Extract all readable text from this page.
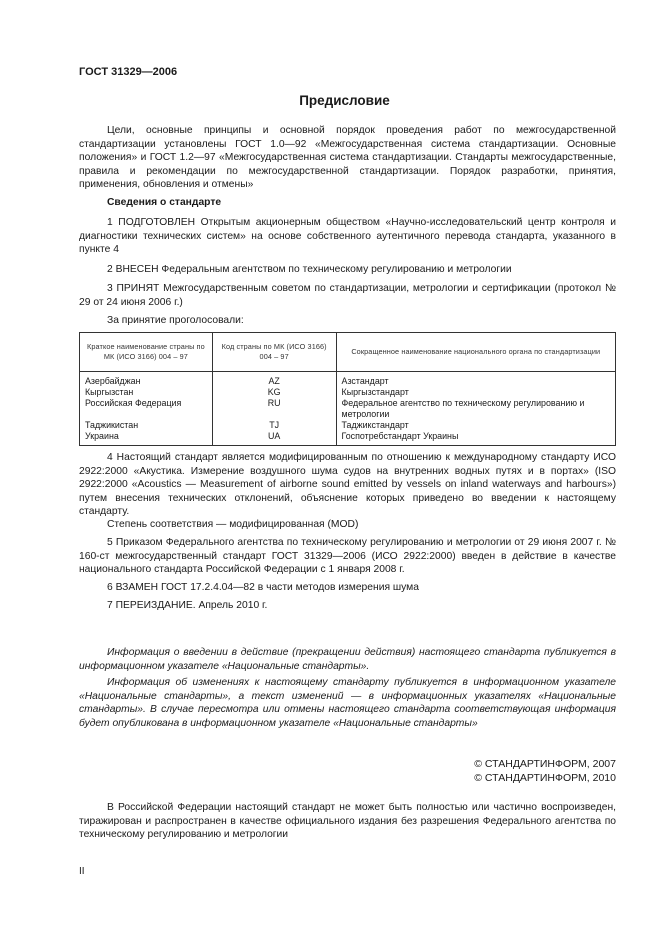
ГОСТ 31329—2006
Предисловие
Цели, основные принципы и основной порядок проведения работ по межгосударственной стандартизации установлены ГОСТ 1.0—92 «Межгосударственная система стандартизации. Основные положения» и ГОСТ 1.2—97 «Межгосударственная система стандартизации. Стандарты межгосударственные, правила и рекомендации по межгосударственной стандартизации. Порядок разработки, принятия, применения, обновления и отмены»
Сведения о стандарте
1 ПОДГОТОВЛЕН Открытым акционерным обществом «Научно-исследовательский центр контроля и диагностики технических систем» на основе собственного аутентичного перевода стандарта, указанного в пункте 4
2 ВНЕСЕН Федеральным агентством по техническому регулированию и метрологии
3 ПРИНЯТ Межгосударственным советом по стандартизации, метрологии и сертификации (протокол № 29 от 24 июня 2006 г.)
За принятие проголосовали:
Краткое наименование страны по МК (ИСО 3166) 004 – 97	Код страны по МК (ИСО 3166) 004 – 97	Сокращенное наименование национального органа по стандартизации
Азербайджан	AZ	Азстандарт
Кыргызстан	KG	Кыргызстандарт
Российская Федерация	RU	Федеральное агентство по техническому регулированию и метрологии
Таджикистан	TJ	Таджикстандарт
Украина	UA	Госпотребстандарт Украины
4 Настоящий стандарт является модифицированным по отношению к международному стандарту ИСО 2922:2000 «Акустика. Измерение воздушного шума судов на внутренних водных путях и в портах» (ISO 2922:2000 «Acoustics — Measurement of airborne sound emitted by vessels on inland waterways and harbours») путем внесения технических отклонений, объяснение которых приведено во введении к настоящему стандарту.
Степень соответствия — модифицированная (MOD)
5 Приказом Федерального агентства по техническому регулированию и метрологии от 29 июня 2007 г. № 160-ст межгосударственный стандарт ГОСТ 31329—2006 (ИСО 2922:2000) введен в действие в качестве национального стандарта Российской Федерации с 1 января 2008 г.
6 ВЗАМЕН ГОСТ 17.2.4.04—82 в части методов измерения шума
7 ПЕРЕИЗДАНИЕ. Апрель 2010 г.
Информация о введении в действие (прекращении действия) настоящего стандарта публикуется в информационном указателе «Национальные стандарты».
Информация об изменениях к настоящему стандарту публикуется в информационном указателе «Национальные стандарты», а текст изменений — в информационных указателях «Национальные стандарты». В случае пересмотра или отмены настоящего стандарта соответствующая информация будет опубликована в информационном указателе «Национальные стандарты»
© СТАНДАРТИНФОРМ, 2007
© СТАНДАРТИНФОРМ, 2010
В Российской Федерации настоящий стандарт не может быть полностью или частично воспроизведен, тиражирован и распространен в качестве официального издания без разрешения Федерального агентства по техническому регулированию и метрологии
II
